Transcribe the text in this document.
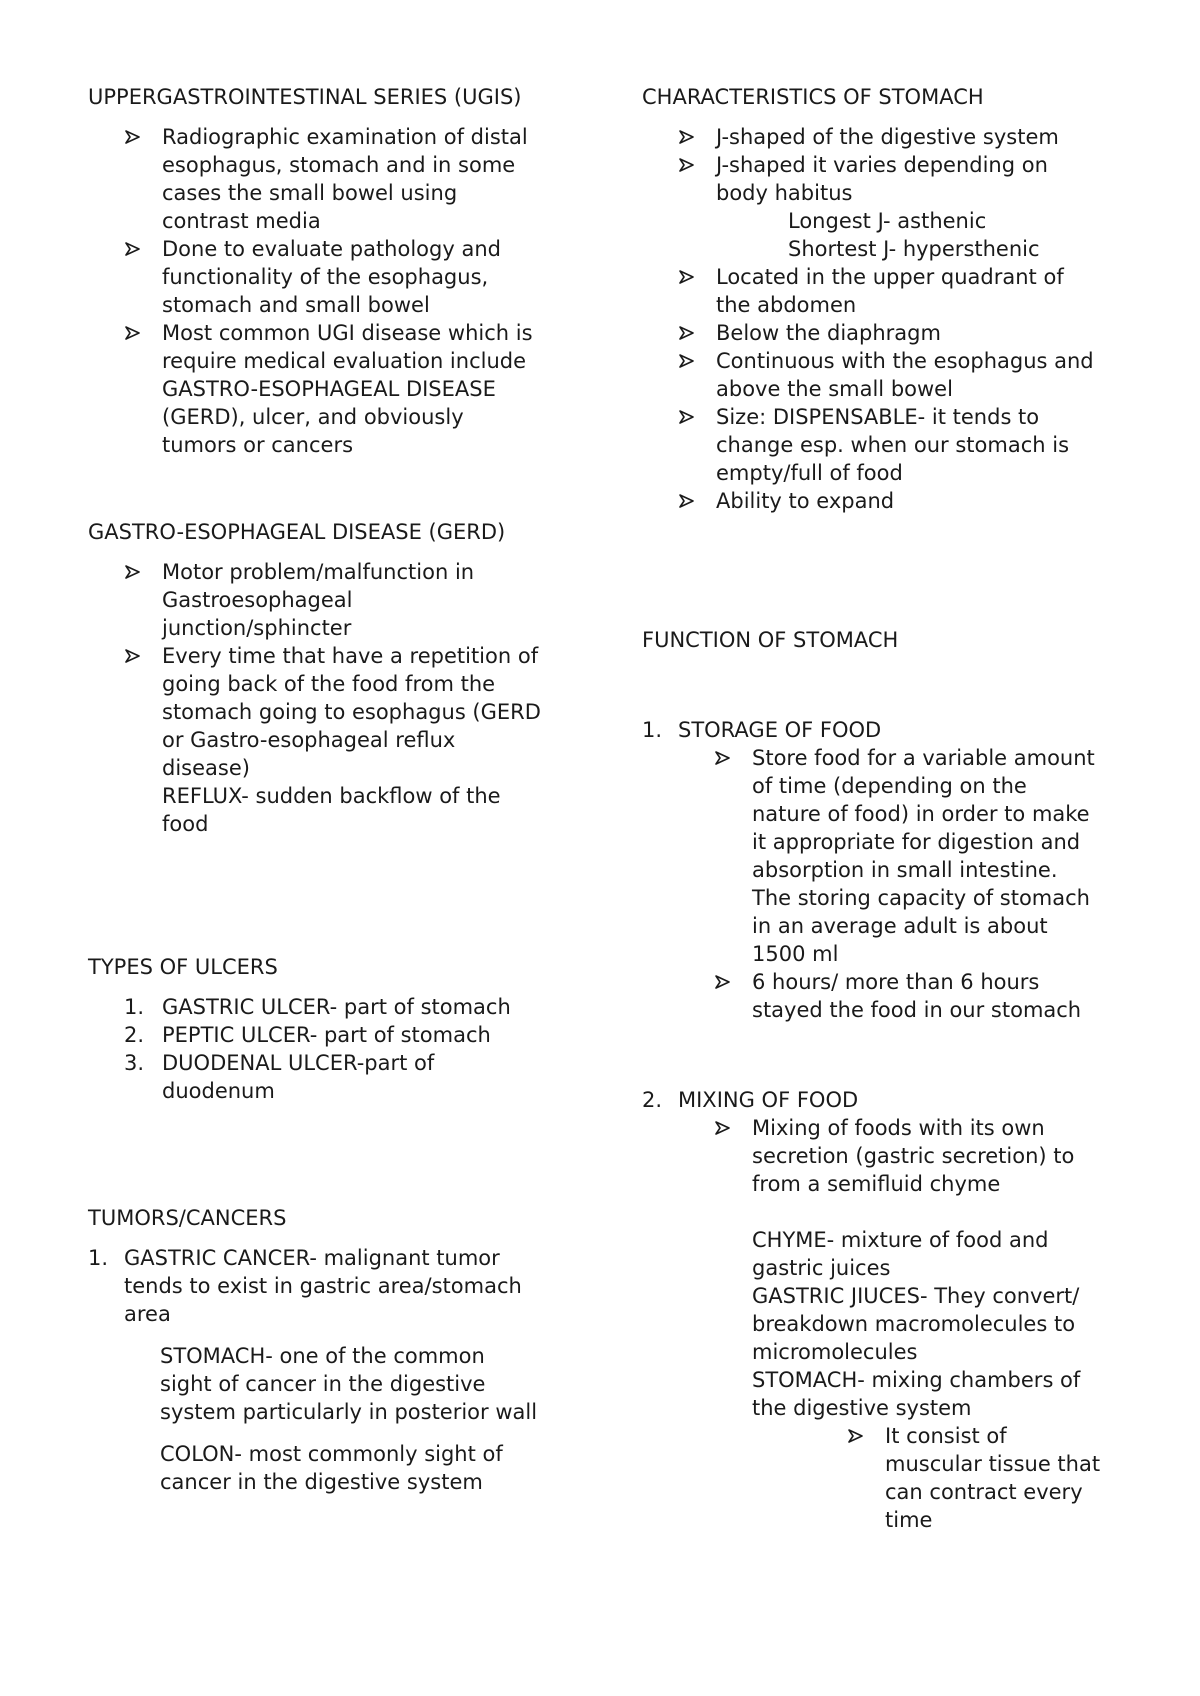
UPPERGASTROINTESTINAL SERIES (UGIS)
Radiographic examination of distal
esophagus, stomach and in some
cases the small bowel using
contrast media
Done to evaluate pathology and
functionality of the esophagus,
stomach and small bowel
Most common UGI disease which is
require medical evaluation include
GASTRO-ESOPHAGEAL DISEASE
(GERD), ulcer, and obviously
tumors or cancers
GASTRO-ESOPHAGEAL DISEASE (GERD)
Motor problem/malfunction in
Gastroesophageal
junction/sphincter
Every time that have a repetition of
going back of the food from the
stomach going to esophagus (GERD
or Gastro-esophageal reflux
disease)
REFLUX- sudden backflow of the
food
TYPES OF ULCERS
1. GASTRIC ULCER- part of stomach
2. PEPTIC ULCER- part of stomach
3. DUODENAL ULCER-part of
duodenum
TUMORS/CANCERS
1. GASTRIC CANCER- malignant tumor
tends to exist in gastric area/stomach
area
STOMACH- one of the common
sight of cancer in the digestive
system particularly in posterior wall
COLON- most commonly sight of
cancer in the digestive system
CHARACTERISTICS OF STOMACH
J-shaped of the digestive system
J-shaped it varies depending on
body habitus
Longest J- asthenic
Shortest J- hypersthenic
Located in the upper quadrant of
the abdomen
Below the diaphragm
Continuous with the esophagus and
above the small bowel
Size: DISPENSABLE- it tends to
change esp. when our stomach is
empty/full of food
Ability to expand
FUNCTION OF STOMACH
1. STORAGE OF FOOD
Store food for a variable amount
of time (depending on the
nature of food) in order to make
it appropriate for digestion and
absorption in small intestine.
The storing capacity of stomach
in an average adult is about
1500 ml
6 hours/ more than 6 hours
stayed the food in our stomach
2. MIXING OF FOOD
Mixing of foods with its own
secretion (gastric secretion) to
from a semifluid chyme
CHYME- mixture of food and
gastric juices
GASTRIC JIUCES- They convert/
breakdown macromolecules to
micromolecules
STOMACH- mixing chambers of
the digestive system
It consist of
muscular tissue that
can contract every
time
